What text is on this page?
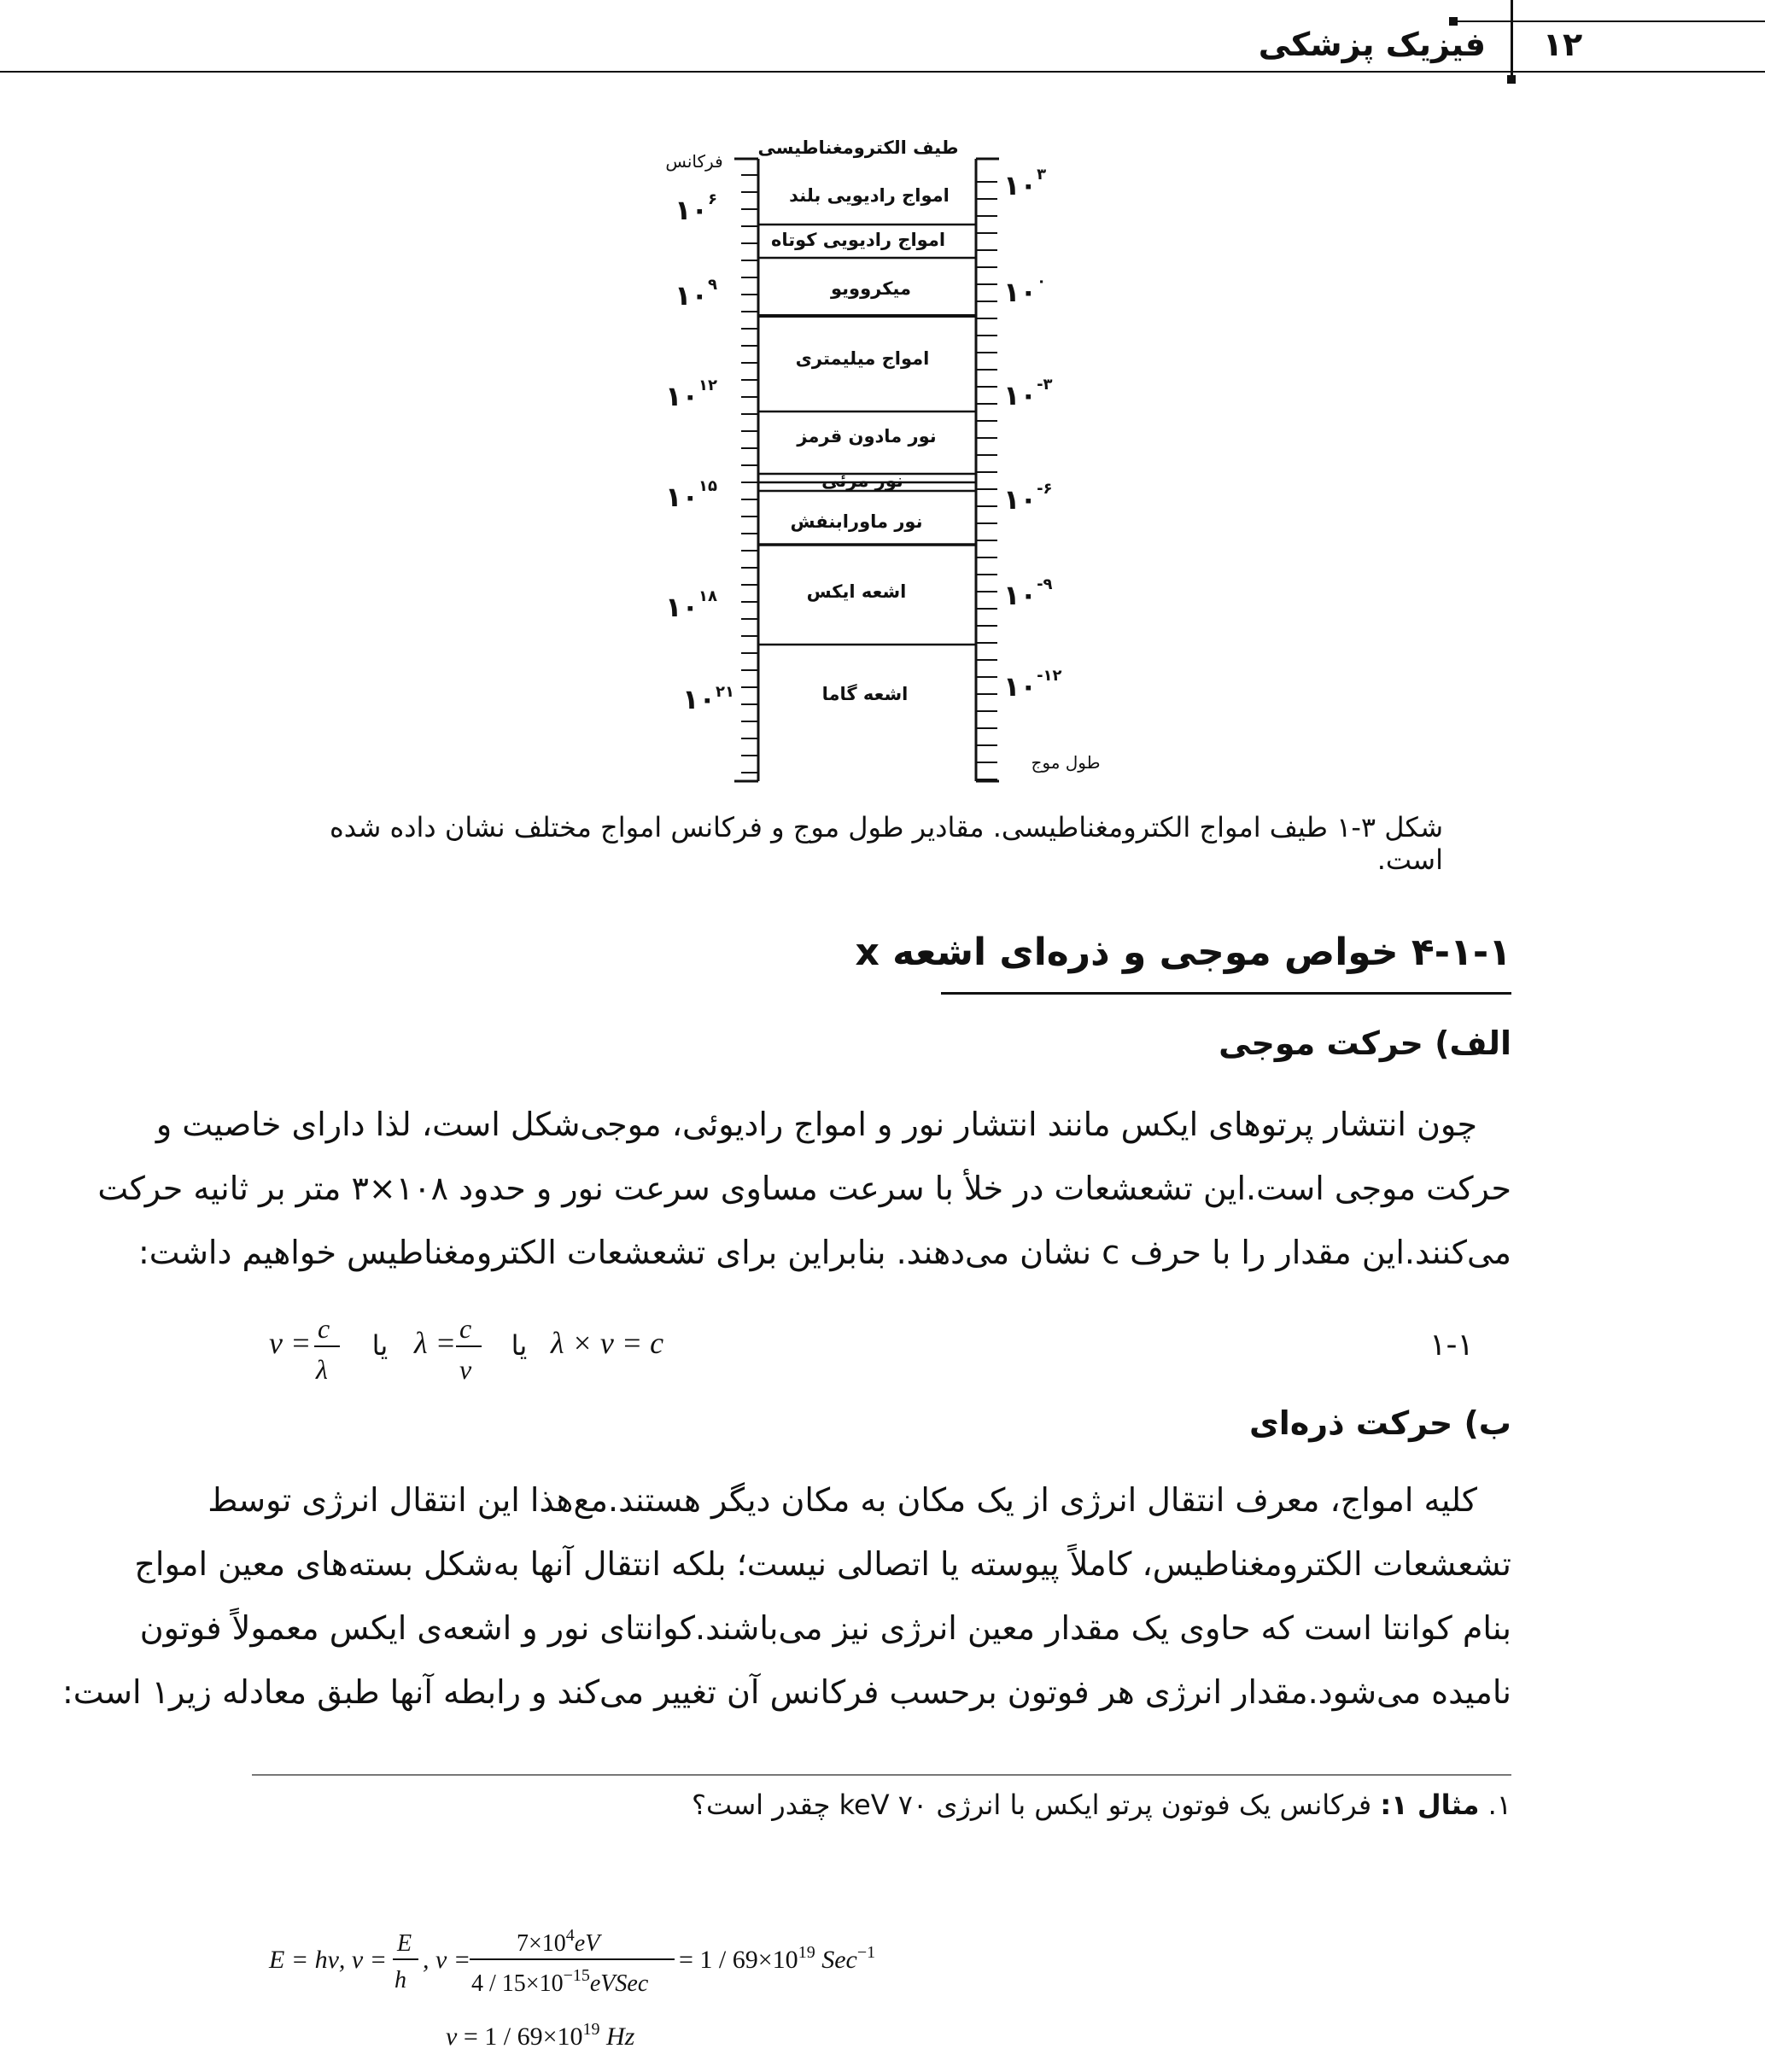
۱۲
فیزیک پزشکی
طیف الکترومغناطیسی
امواج رادیویی بلند
امواج رادیویی کوتاه
میکروویو
امواج میلیمتری
نور مادون قرمز
نور مرئی
نور ماورابنفش
اشعه ایکس
اشعه گاما
فرکانس
طول موج
$۱۰^۶$
$۱۰^۹$
$۱۰^{۱۲}$
$۱۰^{۱۵}$
$۱۰^{۱۸}$
$۱۰^{۲۱}$
$۱۰^۳$
$۱۰^۰$
$۱۰^{-۳}$
$۱۰^{-۶}$
$۱۰^{-۹}$
$۱۰^{-۱۲}$
شکل ۳-۱ طیف امواج الکترومغناطیسی. مقادیر طول موج و فرکانس امواج مختلف نشان داده شده است.
۴-۱-۱ خواص موجی و ذره‌ای اشعه x
الف) حرکت موجی
چون انتشار پرتوهای ایکس مانند انتشار نور و امواج رادیوئی، موجی‌شکل است، لذا دارای خاصیت و
حرکت موجی است.این تشعشعات در خلأ با سرعت مساوی سرعت نور و حدود ۱۰۸×۳ متر بر ثانیه حرکت
می‌کنند.این مقدار را با حرف c نشان می‌دهند. بنابراین برای تشعشعات الکترومغناطیس خواهیم داشت:
ν = c
λ
یا λ = c
ν
یا λ × ν = c	۱-۱
ب) حرکت ذره‌ای
کلیه امواج، معرف انتقال انرژی از یک مکان به مکان دیگر هستند.مع‌هذا این انتقال انرژی توسط
تشعشعات الکترومغناطیس، کاملاً پیوسته یا اتصالی نیست؛ بلکه انتقال آنها به‌شکل بسته‌های معین امواج
بنام کوانتا است که حاوی یک مقدار معین انرژی نیز می‌باشند.کوانتای نور و اشعه‌ی ایکس معمولاً فوتون
نامیده می‌شود.مقدار انرژی هر فوتون برحسب فرکانس آن تغییر می‌کند و رابطه آنها طبق معادله زیر۱ است:
۱. مثال ۱: فرکانس یک فوتون پرتو ایکس با انرژی ۷۰ keV چقدر است؟
E = hν, ν =
E
h
, ν =
$7\times 10^4eV$
$4 / 15\times 10^{-15}eVSec$
= $1 / 69\times 10^{19}$ Sec$^{-1}$
$\nu = 1 / 69\times 10^{19}$ Hz
